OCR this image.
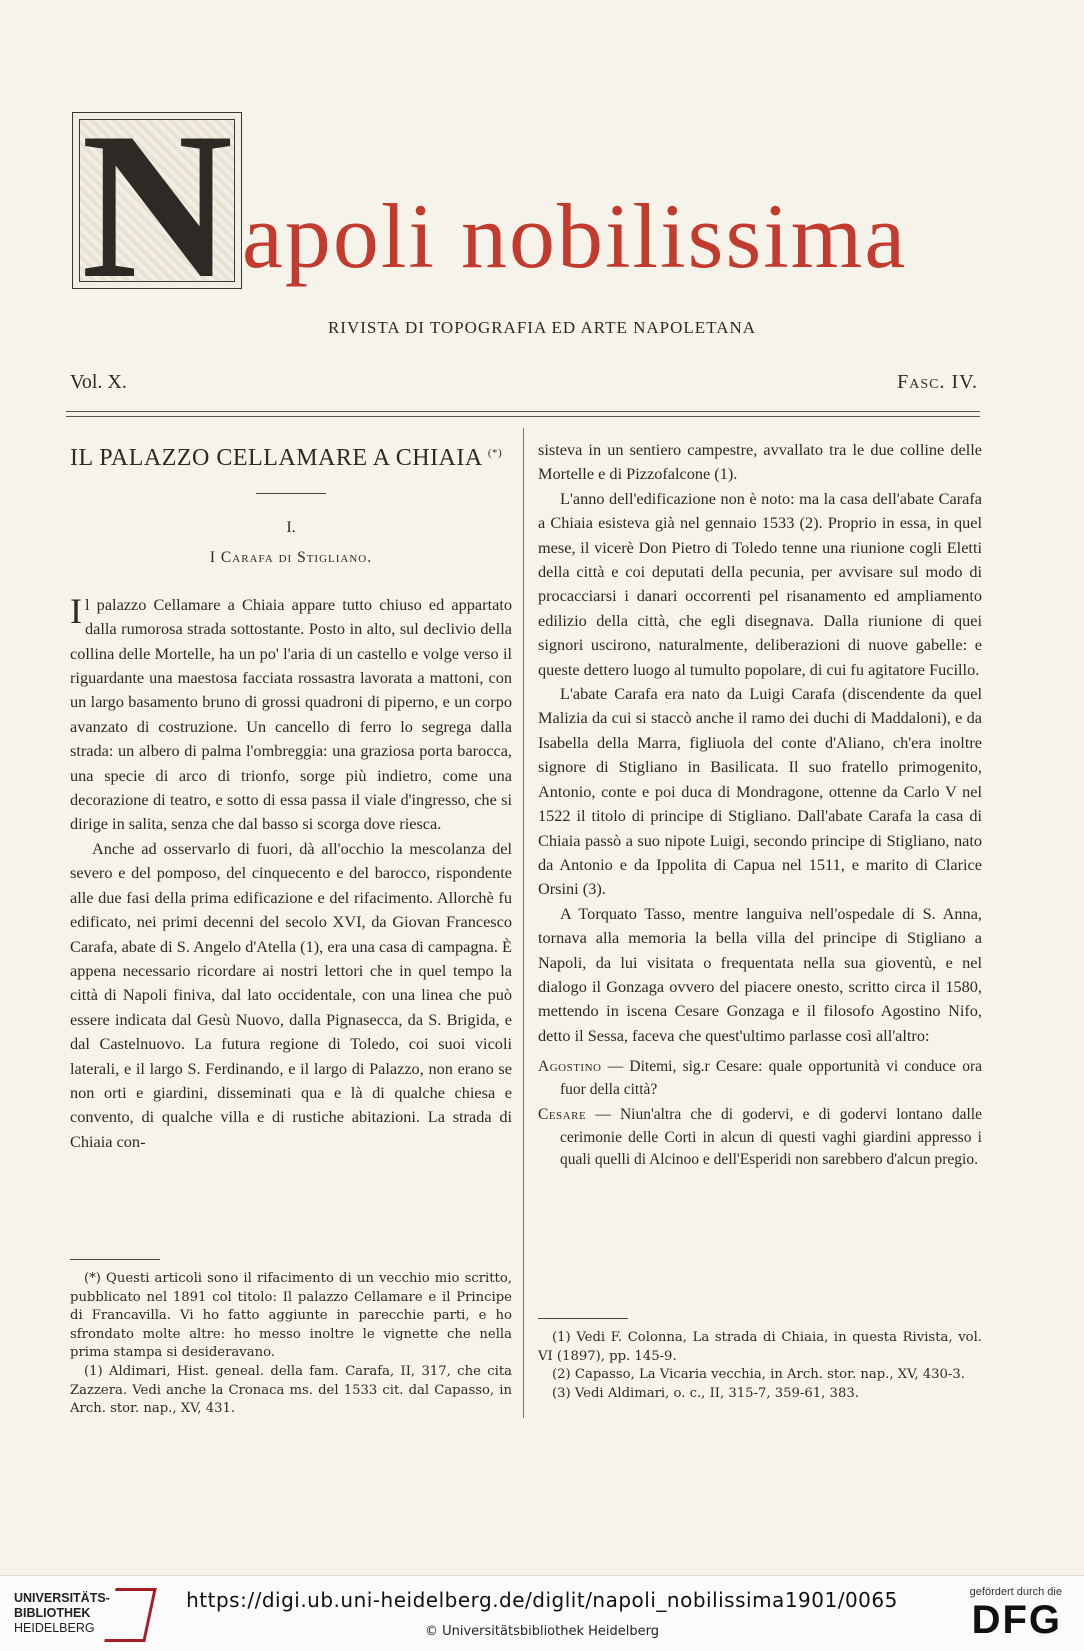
N apoli nobilissima
RIVISTA DI TOPOGRAFIA ED ARTE NAPOLETANA
Vol. X.	Fasc. IV.
IL PALAZZO CELLAMARE A CHIAIA (*)
I.
I Carafa di Stigliano.

Il palazzo Cellamare a Chiaia appare tutto chiuso ed appartato dalla rumorosa strada sottostante. Posto in alto, sul declivio della collina delle Mortelle, ha un po' l'aria di un castello e volge verso il riguardante una maestosa facciata rossastra lavorata a mattoni, con un largo basamento bruno di grossi quadroni di piperno, e un corpo avanzato di costruzione. Un cancello di ferro lo segrega dalla strada: un albero di palma l'ombreggia: una graziosa porta barocca, una specie di arco di trionfo, sorge più indietro, come una decorazione di teatro, e sotto di essa passa il viale d'ingresso, che si dirige in salita, senza che dal basso si scorga dove riesca.

Anche ad osservarlo di fuori, dà all'occhio la mescolanza del severo e del pomposo, del cinquecento e del barocco, rispondente alle due fasi della prima edificazione e del rifacimento. Allorchè fu edificato, nei primi decenni del secolo XVI, da Giovan Francesco Carafa, abate di S. Angelo d'Atella (1), era una casa di campagna. È appena necessario ricordare ai nostri lettori che in quel tempo la città di Napoli finiva, dal lato occidentale, con una linea che può essere indicata dal Gesù Nuovo, dalla Pignasecca, da S. Brigida, e dal Castelnuovo. La futura regione di Toledo, coi suoi vicoli laterali, e il largo S. Ferdinando, e il largo di Palazzo, non erano se non orti e giardini, disseminati qua e là di qualche chiesa e convento, di qualche villa e di rustiche abitazioni. La strada di Chiaia con-

(*) Questi articoli sono il rifacimento di un vecchio mio scritto, pubblicato nel 1891 col titolo: Il palazzo Cellamare e il Principe di Francavilla. Vi ho fatto aggiunte in parecchie parti, e ho sfrondato molte altre: ho messo inoltre le vignette che nella prima stampa si desideravano.

(1) Aldimari, Hist. geneal. della fam. Carafa, II, 317, che cita Zazzera. Vedi anche la Cronaca ms. del 1533 cit. dal Capasso, in Arch. stor. nap., XV, 431.

sisteva in un sentiero campestre, avvallato tra le due colline delle Mortelle e di Pizzofalcone (1).

L'anno dell'edificazione non è noto: ma la casa dell'abate Carafa a Chiaia esisteva già nel gennaio 1533 (2). Proprio in essa, in quel mese, il vicerè Don Pietro di Toledo tenne una riunione cogli Eletti della città e coi deputati della pecunia, per avvisare sul modo di procacciarsi i danari occorrenti pel risanamento ed ampliamento edilizio della città, che egli disegnava. Dalla riunione di quei signori uscirono, naturalmente, deliberazioni di nuove gabelle: e queste dettero luogo al tumulto popolare, di cui fu agitatore Fucillo.

L'abate Carafa era nato da Luigi Carafa (discendente da quel Malizia da cui si staccò anche il ramo dei duchi di Maddaloni), e da Isabella della Marra, figliuola del conte d'Aliano, ch'era inoltre signore di Stigliano in Basilicata. Il suo fratello primogenito, Antonio, conte e poi duca di Mondragone, ottenne da Carlo V nel 1522 il titolo di principe di Stigliano. Dall'abate Carafa la casa di Chiaia passò a suo nipote Luigi, secondo principe di Stigliano, nato da Antonio e da Ippolita di Capua nel 1511, e marito di Clarice Orsini (3).

A Torquato Tasso, mentre languiva nell'ospedale di S. Anna, tornava alla memoria la bella villa del principe di Stigliano a Napoli, da lui visitata o frequentata nella sua gioventù, e nel dialogo il Gonzaga ovvero del piacere onesto, scritto circa il 1580, mettendo in iscena Cesare Gonzaga e il filosofo Agostino Nifo, detto il Sessa, faceva che quest'ultimo parlasse così all'altro:

Agostino — Ditemi, sig.r Cesare: quale opportunità vi conduce ora fuor della città?
Cesare — Niun'altra che di godervi, e di godervi lontano dalle cerimonie delle Corti in alcun di questi vaghi giardini appresso i quali quelli di Alcinoo e dell'Esperidi non sarebbero d'alcun pregio.

(1) Vedi F. Colonna, La strada di Chiaia, in questa Rivista, vol. VI (1897), pp. 145-9.

(2) Capasso, La Vicaria vecchia, in Arch. stor. nap., XV, 430-3.

(3) Vedi Aldimari, o. c., II, 315-7, 359-61, 383.

UNIVERSITÄTS-
BIBLIOTHEK
HEIDELBERG
https://digi.ub.uni-heidelberg.de/diglit/napoli_nobilissima1901/0065
© Universitätsbibliothek Heidelberg
gefördert durch die
DFG
